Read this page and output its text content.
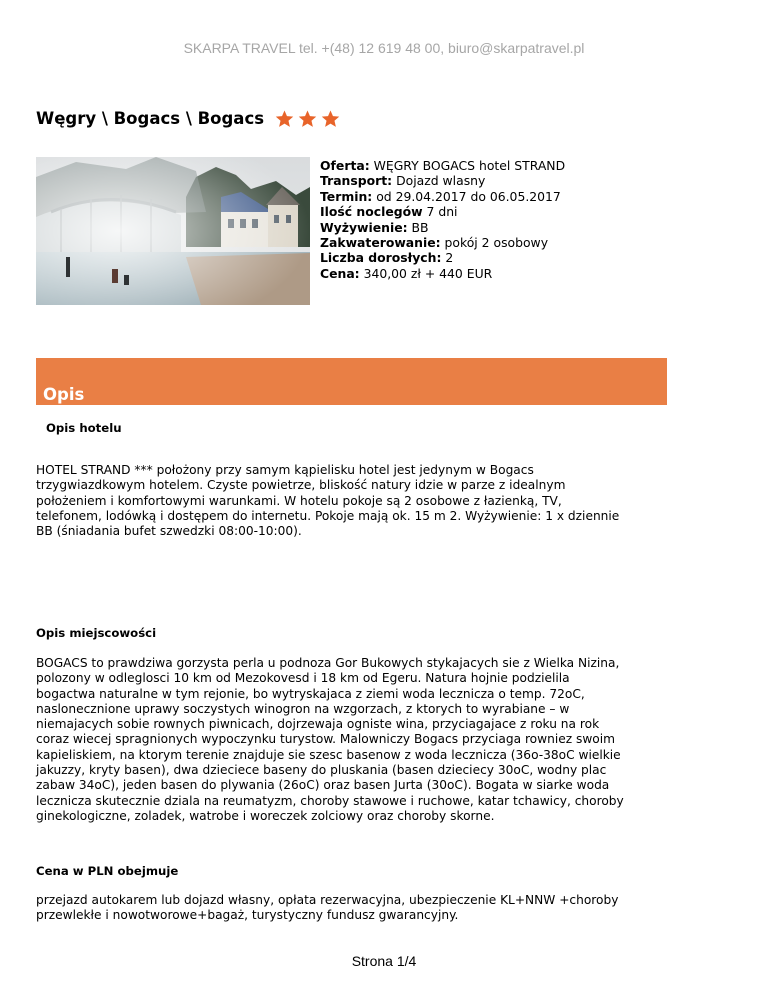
SKARPA TRAVEL tel. +(48) 12 619 48 00, biuro@skarpatravel.pl
Węgry \ Bogacs \ Bogacs
Oferta: WĘGRY BOGACS hotel STRAND
Transport: Dojazd wlasny
Termin: od 29.04.2017 do 06.05.2017
Ilość noclegów 7 dni
Wyżywienie: BB
Zakwaterowanie: pokój 2 osobowy
Liczba dorosłych: 2
Cena: 340,00 zł + 440 EUR
Opis
Opis hotelu
HOTEL STRAND *** położony przy samym kąpielisku hotel jest jedynym w Bogacs
trzygwiazdkowym hotelem. Czyste powietrze, bliskość natury idzie w parze z idealnym
położeniem i komfortowymi warunkami. W hotelu pokoje są 2 osobowe z łazienką, TV,
telefonem, lodówką i dostępem do internetu. Pokoje mają ok. 15 m 2. Wyżywienie: 1 x dziennie
BB (śniadania bufet szwedzki 08:00-10:00).
Opis miejscowości
BOGACS to prawdziwa gorzysta perla u podnoza Gor Bukowych stykajacych sie z Wielka Nizina,
polozony w odleglosci 10 km od Mezokovesd i 18 km od Egeru. Natura hojnie podzielila
bogactwa naturalne w tym rejonie, bo wytryskajaca z ziemi woda lecznicza o temp. 72oC,
naslonecznione uprawy soczystych winogron na wzgorzach, z ktorych to wyrabiane – w
niemajacych sobie rownych piwnicach, dojrzewaja ogniste wina, przyciagajace z roku na rok
coraz wiecej spragnionych wypoczynku turystow. Malowniczy Bogacs przyciaga rowniez swoim
kapieliskiem, na ktorym terenie znajduje sie szesc basenow z woda lecznicza (36o-38oC wielkie
jakuzzy, kryty basen), dwa dzieciece baseny do pluskania (basen dzieciecy 30oC, wodny plac
zabaw 34oC), jeden basen do plywania (26oC) oraz basen Jurta (30oC). Bogata w siarke woda
lecznicza skutecznie dziala na reumatyzm, choroby stawowe i ruchowe, katar tchawicy, choroby
ginekologiczne, zoladek, watrobe i woreczek zolciowy oraz choroby skorne.
Cena w PLN obejmuje
przejazd autokarem lub dojazd własny, opłata rezerwacyjna, ubezpieczenie KL+NNW +choroby
przewlekłe i nowotworowe+bagaż, turystyczny fundusz gwarancyjny.
Strona 1/4
